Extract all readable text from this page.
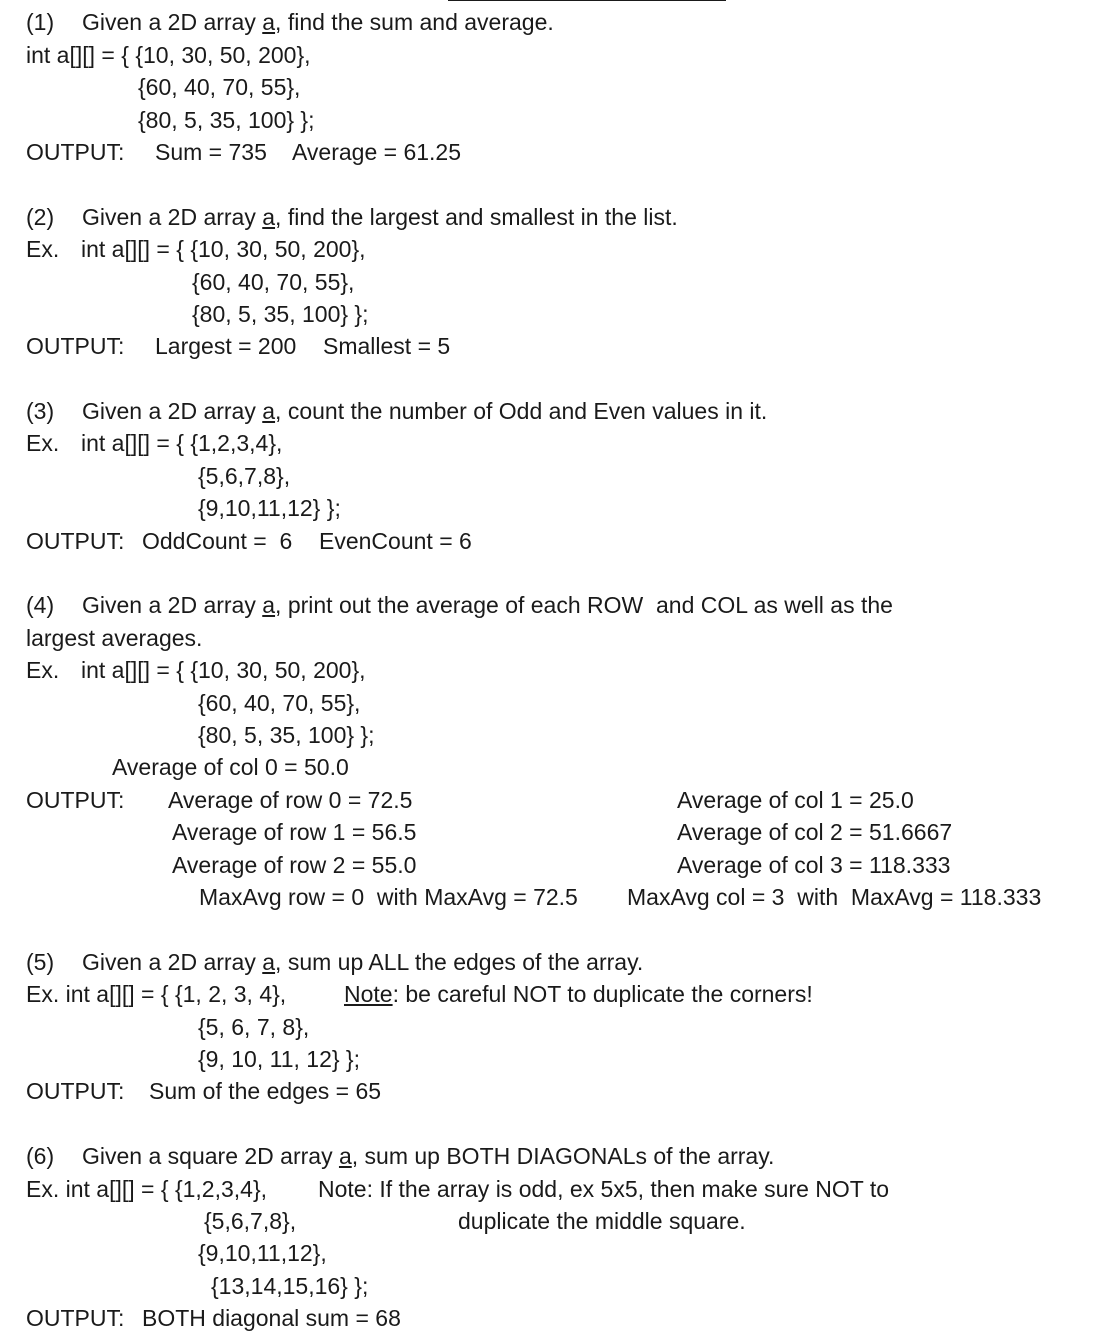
(1) Given a 2D array a, find the sum and average.
int a[][] = { {10, 30, 50, 200},
{60, 40, 70, 55},
{80, 5, 35, 100} };
OUTPUT: Sum = 735 Average = 61.25
(2) Given a 2D array a, find the largest and smallest in the list.
Ex. int a[][] = { {10, 30, 50, 200},
{60, 40, 70, 55},
{80, 5, 35, 100} };
OUTPUT: Largest = 200 Smallest = 5
(3) Given a 2D array a, count the number of Odd and Even values in it.
Ex. int a[][] = { {1,2,3,4},
{5,6,7,8},
{9,10,11,12} };
OUTPUT: OddCount =  6 EvenCount = 6
(4) Given a 2D array a, print out the average of each ROW  and COL as well as the
largest averages.
Ex. int a[][] = { {10, 30, 50, 200},
{60, 40, 70, 55},
{80, 5, 35, 100} };
Average of col 0 = 50.0
OUTPUT: Average of row 0 = 72.5
Average of row 1 = 56.5
Average of row 2 = 55.0
Average of col 1 = 25.0
Average of col 2 = 51.6667
Average of col 3 = 118.333
MaxAvg row = 0  with MaxAvg = 72.5 MaxAvg col = 3  with  MaxAvg = 118.333
(5) Given a 2D array a, sum up ALL the edges of the array.
Ex. int a[][] = { {1, 2, 3, 4},	Note: be careful NOT to duplicate the corners!
{5, 6, 7, 8},
{9, 10, 11, 12} };
OUTPUT: Sum of the edges = 65
(6) Given a square 2D array a, sum up BOTH DIAGONALs of the array.
Ex. int a[][] = { {1,2,3,4}, Note: If the array is odd, ex 5x5, then make sure NOT to
{5,6,7,8},	duplicate the middle square.
{9,10,11,12},
{13,14,15,16} };
OUTPUT: BOTH diagonal sum = 68
